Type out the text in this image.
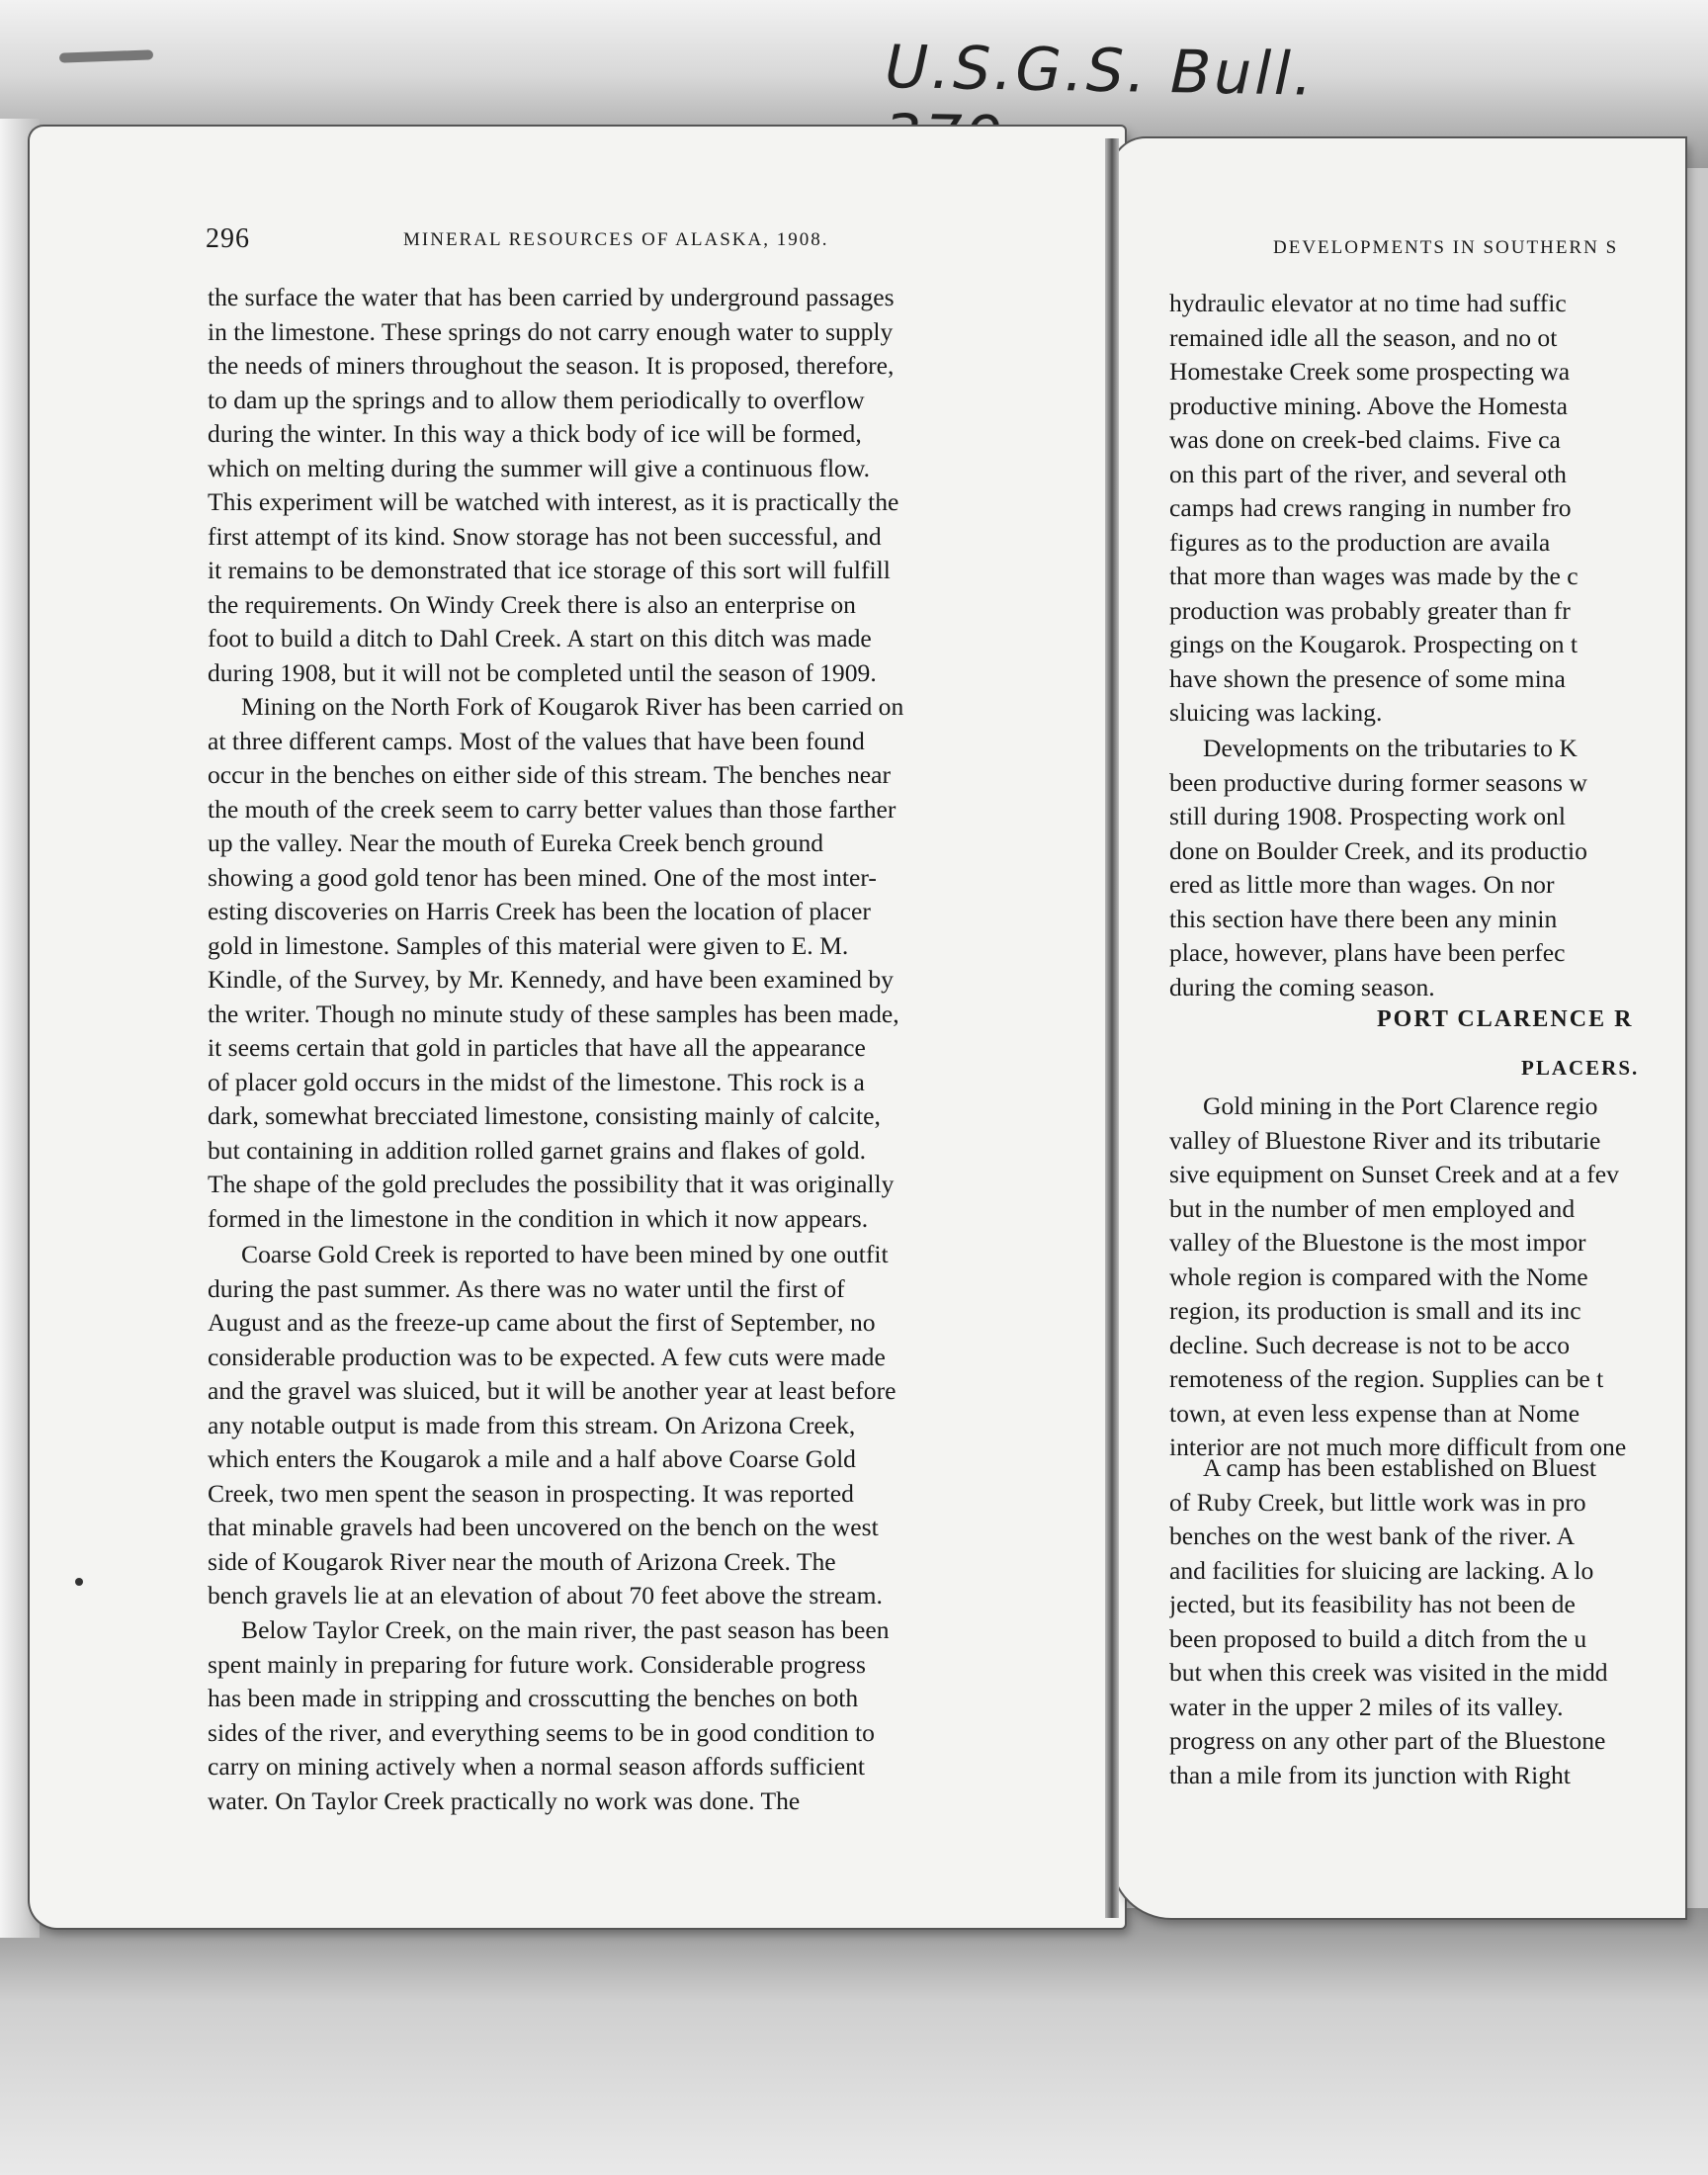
U.S.G.S. Bull.
296	MINERAL RESOURCES OF ALASKA, 1908.
the surface the water that has been carried by underground passages
in the limestone. These springs do not carry enough water to supply
the needs of miners throughout the season. It is proposed, therefore,
to dam up the springs and to allow them periodically to overflow
during the winter. In this way a thick body of ice will be formed,
which on melting during the summer will give a continuous flow.
This experiment will be watched with interest, as it is practically the
first attempt of its kind. Snow storage has not been successful, and
it remains to be demonstrated that ice storage of this sort will fulfill
the requirements. On Windy Creek there is also an enterprise on
foot to build a ditch to Dahl Creek. A start on this ditch was made
during 1908, but it will not be completed until the season of 1909.
Mining on the North Fork of Kougarok River has been carried on
at three different camps. Most of the values that have been found
occur in the benches on either side of this stream. The benches near
the mouth of the creek seem to carry better values than those farther
up the valley. Near the mouth of Eureka Creek bench ground
showing a good gold tenor has been mined. One of the most inter-
esting discoveries on Harris Creek has been the location of placer
gold in limestone. Samples of this material were given to E. M.
Kindle, of the Survey, by Mr. Kennedy, and have been examined by
the writer. Though no minute study of these samples has been made,
it seems certain that gold in particles that have all the appearance
of placer gold occurs in the midst of the limestone. This rock is a
dark, somewhat brecciated limestone, consisting mainly of calcite,
but containing in addition rolled garnet grains and flakes of gold.
The shape of the gold precludes the possibility that it was originally
formed in the limestone in the condition in which it now appears.
Coarse Gold Creek is reported to have been mined by one outfit
during the past summer. As there was no water until the first of
August and as the freeze-up came about the first of September, no
considerable production was to be expected. A few cuts were made
and the gravel was sluiced, but it will be another year at least before
any notable output is made from this stream. On Arizona Creek,
which enters the Kougarok a mile and a half above Coarse Gold
Creek, two men spent the season in prospecting. It was reported
that minable gravels had been uncovered on the bench on the west
side of Kougarok River near the mouth of Arizona Creek. The
bench gravels lie at an elevation of about 70 feet above the stream.
Below Taylor Creek, on the main river, the past season has been
spent mainly in preparing for future work. Considerable progress
has been made in stripping and crosscutting the benches on both
sides of the river, and everything seems to be in good condition to
carry on mining actively when a normal season affords sufficient
water. On Taylor Creek practically no work was done. The
DEVELOPMENTS IN SOUTHERN S
hydraulic elevator at no time had suffic
remained idle all the season, and no ot
Homestake Creek some prospecting wa
productive mining. Above the Homesta
was done on creek-bed claims. Five ca
on this part of the river, and several oth
camps had crews ranging in number fro
figures as to the production are availa
that more than wages was made by the c
production was probably greater than fr
gings on the Kougarok. Prospecting on t
have shown the presence of some mina
sluicing was lacking.
Developments on the tributaries to K
been productive during former seasons w
still during 1908. Prospecting work onl
done on Boulder Creek, and its productio
ered as little more than wages. On nor
this section have there been any minin
place, however, plans have been perfec
during the coming season.
PORT CLARENCE R
PLACERS.
Gold mining in the Port Clarence regio
valley of Bluestone River and its tributarie
sive equipment on Sunset Creek and at a fev
but in the number of men employed and
valley of the Bluestone is the most impor
whole region is compared with the Nome
region, its production is small and its inc
decline. Such decrease is not to be acco
remoteness of the region. Supplies can be t
town, at even less expense than at Nome
interior are not much more difficult from one
A camp has been established on Bluest
of Ruby Creek, but little work was in pro
benches on the west bank of the river. A
and facilities for sluicing are lacking. A lo
jected, but its feasibility has not been de
been proposed to build a ditch from the u
but when this creek was visited in the midd
water in the upper 2 miles of its valley.
progress on any other part of the Bluestone
than a mile from its junction with Right
